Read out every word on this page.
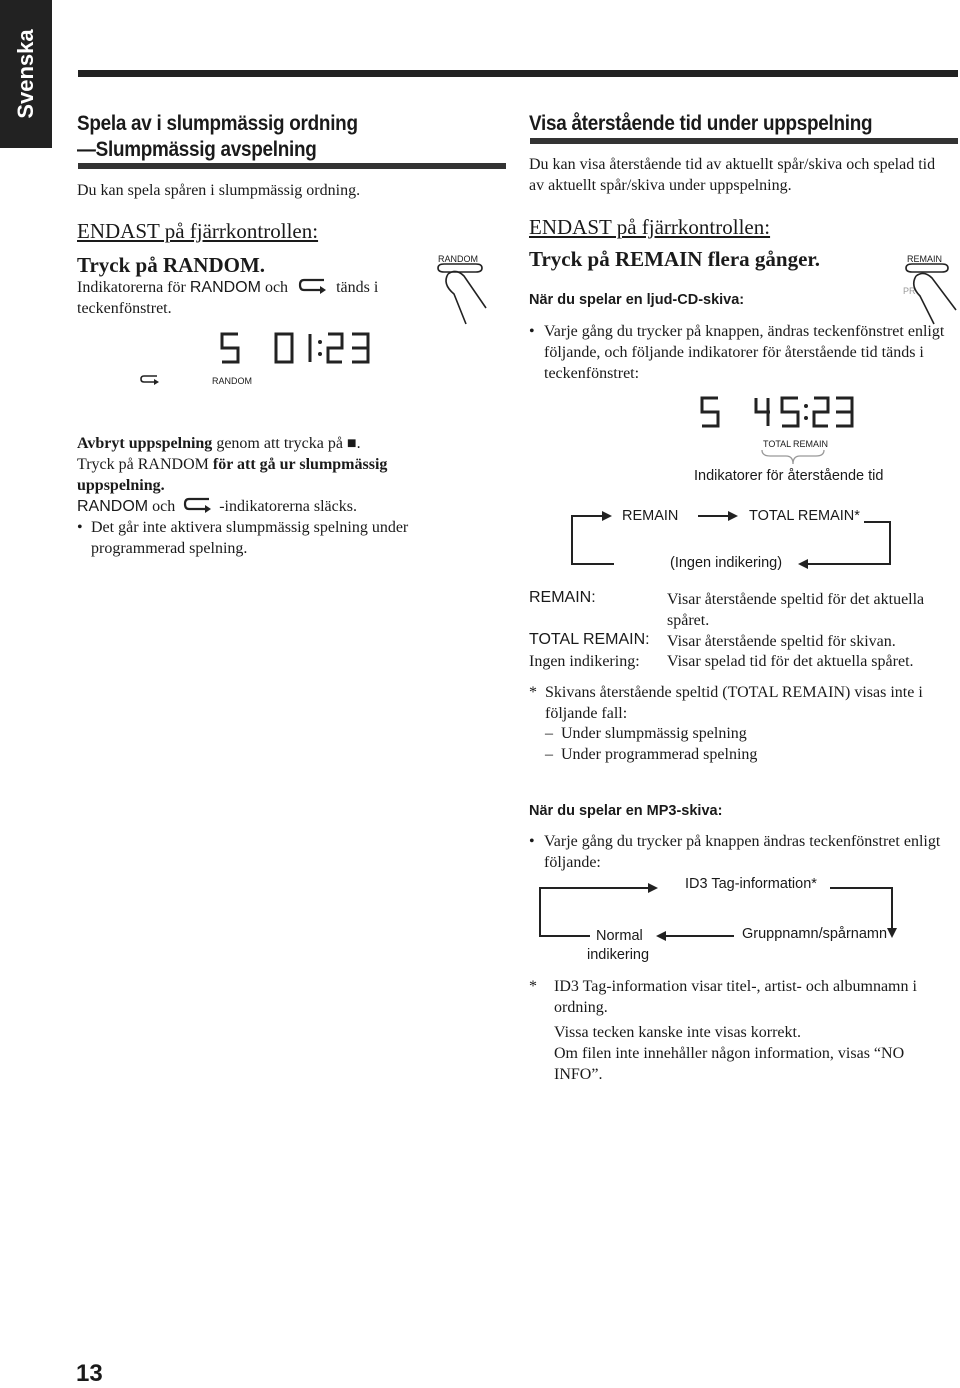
Svenska
Spela av i slumpmässig ordning
—Slumpmässig avspelning
Du kan spela spåren i slumpmässig ordning.
ENDAST på fjärrkontrollen:
Tryck på RANDOM.
Indikatorerna för RANDOM och	tänds i
teckenfönstret.
RANDOM
RANDOM
Avbryt uppspelning genom att trycka på ■.
Tryck på RANDOM för att gå ur slumpmässig
uppspelning.
RANDOM och  -indikatorerna släcks.
• Det går inte aktivera slumpmässig spelning under programmerad spelning.
Visa återstående tid under uppspelning
Du kan visa återstående tid av aktuellt spår/skiva och spelad tid av aktuellt spår/skiva under uppspelning.
ENDAST på fjärrkontrollen:
Tryck på REMAIN flera gånger.	REMAIN
PR
När du spelar en ljud-CD-skiva:
• Varje gång du trycker på knappen, ändras teckenfönstret enligt följande, och följande indikatorer för återstående tid tänds i teckenfönstret:
TOTAL REMAIN
Indikatorer för återstående tid
REMAIN	TOTAL REMAIN*
(Ingen indikering)
REMAIN:	Visar återstående speltid för det aktuella
spåret.
TOTAL REMAIN: Visar återstående speltid för skivan.
Ingen indikering: Visar spelad tid för det aktuella spåret.
* Skivans återstående speltid (TOTAL REMAIN) visas inte i
följande fall:
– Under slumpmässig spelning
– Under programmerad spelning
När du spelar en MP3-skiva:
• Varje gång du trycker på knappen ändras teckenfönstret enligt följande:
ID3 Tag-information*
Normal
indikering
Gruppnamn/spårnamn
* ID3 Tag-information visar titel-, artist- och albumnamn i ordning.
Vissa tecken kanske inte visas korrekt.
Om filen inte innehåller någon information, visas “NO INFO”.
13
